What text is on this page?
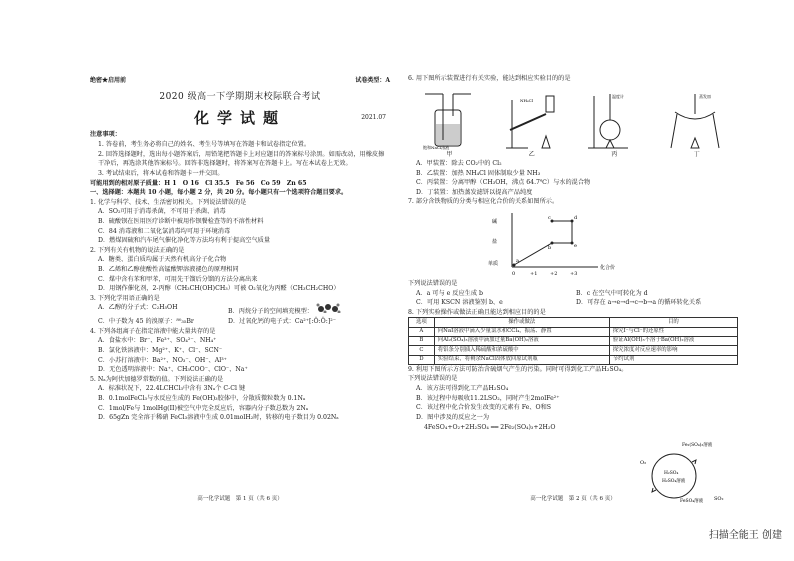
绝密★启用前	试卷类型：A
2020 级高一下学期期末校际联合考试
化学试题	2021.07

注意事项：

1. 答卷前，考生务必将自己的姓名、考生号等填写在答题卡和试卷指定位置。

2. 回答选择题时，选出每小题答案后，用铅笔把答题卡上对应题目的答案标号涂黑。如需改动，用橡皮擦干净后，再选涂其他答案标号。回答非选择题时，将答案写在答题卡上。写在本试卷上无效。

3. 考试结束后，将本试卷和答题卡一并交回。

可能用到的相对原子质量：H 1　O 16　Cl 35.5　Fe 56　Co 59　Zn 65

一、选择题：本题共 10 小题，每小题 2 分，共 20 分。每小题只有一个选项符合题目要求。

1. 化学与科学、技术、生活密切相关。下列说法错误的是

A．SO₂可用于消毒杀菌，不可用于杀菌、消毒

B．硫酸钡在医用医疗诊断中被用作钡餐检查等的不溶性材料

C．84 消毒液和二氧化氯消毒均可用于环境消毒

D．燃煤固硫和汽车尾气催化净化等方法均有利于提高空气质量

2. 下列有关有机物的说法正确的是

A．糖类、蛋白质均属于天然有机高分子化合物

B．乙烯和乙醇使酸性高锰酸钾溶液褪色的原理相同

C．煤中含有苯和甲苯，可用先干馏后分馏的方法分离出来

D．用钢作催化剂，2-丙醇（CH₃CH(OH)CH₃）可被 O₂氧化为丙醛（CH₃CH₂CHO）

3. 下列化学用语正确的是

A．乙醇的分子式：C₂H₅OH

B．丙烷分子的空间填充模型：

C．中子数为 45 的溴原子：⁸⁰₃₅Br	D．过氧化钙的电子式：Ca²⁺[:Ö:Ö:]²⁻

4. 下列各组离子在指定溶液中能大量共存的是

A．食盐水中：Br⁻、Fe³⁺、SO₄²⁻、NH₄⁺

B．氯化铁溶液中：Mg²⁺、K⁺、Cl⁻、SCN⁻

C．小苏打溶液中：Ba²⁺、NO₃⁻、OH⁻、Al³⁺

D．无色透明溶液中：Na⁺、CH₃COO⁻、ClO⁻、Na⁺

5. Nₐ为阿伏加德罗常数的值。下列说法正确的是

A．标准状况下，22.4LCHCl₃中含有 3Nₐ个 C-Cl 键

B．0.1molFeCl₃与水反应生成的 Fe(OH)₃胶体中，分散质微粒数为 0.1Nₐ

C．1mol/Fe与 1molHg(II)被空气中完全反应后，容器内分子数总数为 2Nₐ

D．65gZn 完全溶于稀硝 FeCl₃溶液中生成 0.01molH₂时，转移的电子数目为 0.02Nₐ

高一化学试题　第 1 页（共 6 页）

6. 用下图所示装置进行有关实验，能达到相应实验目的的是

饱和NaCl溶液
NH₄Cl
温度计	蒸发皿
甲	乙	丙	丁

A．甲装置：除去 CO₂中的 Cl₂

B．乙装置：加热 NH₄Cl 固体制取少量 NH₃

C．丙装置：分离甲醇（CH₃OH，沸点 64.7℃）与水的混合物

D．丁装置：加热蒸发滤饼以提高产品纯度

7. 部分含铁物质的分类与相应化合价的关系如图所示。

碱
盐
单质
0	+1	+2	+3
化合价
a
b
c	d
e

下列说法错误的是

A．a 可与 e 反应生成 b	B．c 在空气中可转化为 d

C．可用 KSCN 溶液鉴别 b、e	D．可存在 a→e→d→c→b→a 的循环转化关系

8. 下列实验操作或做法正确且能达到相应目的的是

选项	操作或做法	目的
A	向NaI溶液中滴入少量氯水和CCl₄，振荡、静置	探究I⁻与Cl⁻的还原性
B	向Al₂(SO₄)₃溶液中滴加过量Ba(OH)₂溶液	验证Al(OH)₃不溶于Ba(OH)₂溶液
C	将铝条分别插入稀硫酸和浓硫酸中	探究浓度对反应速率的影响
D	实验结束，将剩余NaCl固体放回原试剂瓶	节约试剂

9. 利用下图所示方法可防治含硫烟气产生的污染。同时可得到化工产品H₂SO₄。下列说法错误的是

A．该方法可得到化工产品H₂SO₄

B．该过程中每吸收11.2LSO₂，同时产生2molFe²⁺

C．该过程中化合价发生改变的元素有 Fe、O和S

D．图中涉及的反应之一为

4FeSO₄+O₂+2H₂SO₄ ══ 2Fe₂(SO₄)₃+2H₂O

Fe₂(SO₄)₃溶液
O₂
H₂SO₄
H₂SO₄溶液
FeSO₄溶液 SO₂
高一化学试题　第 2 页（共 6 页）
扫描全能王 创建
